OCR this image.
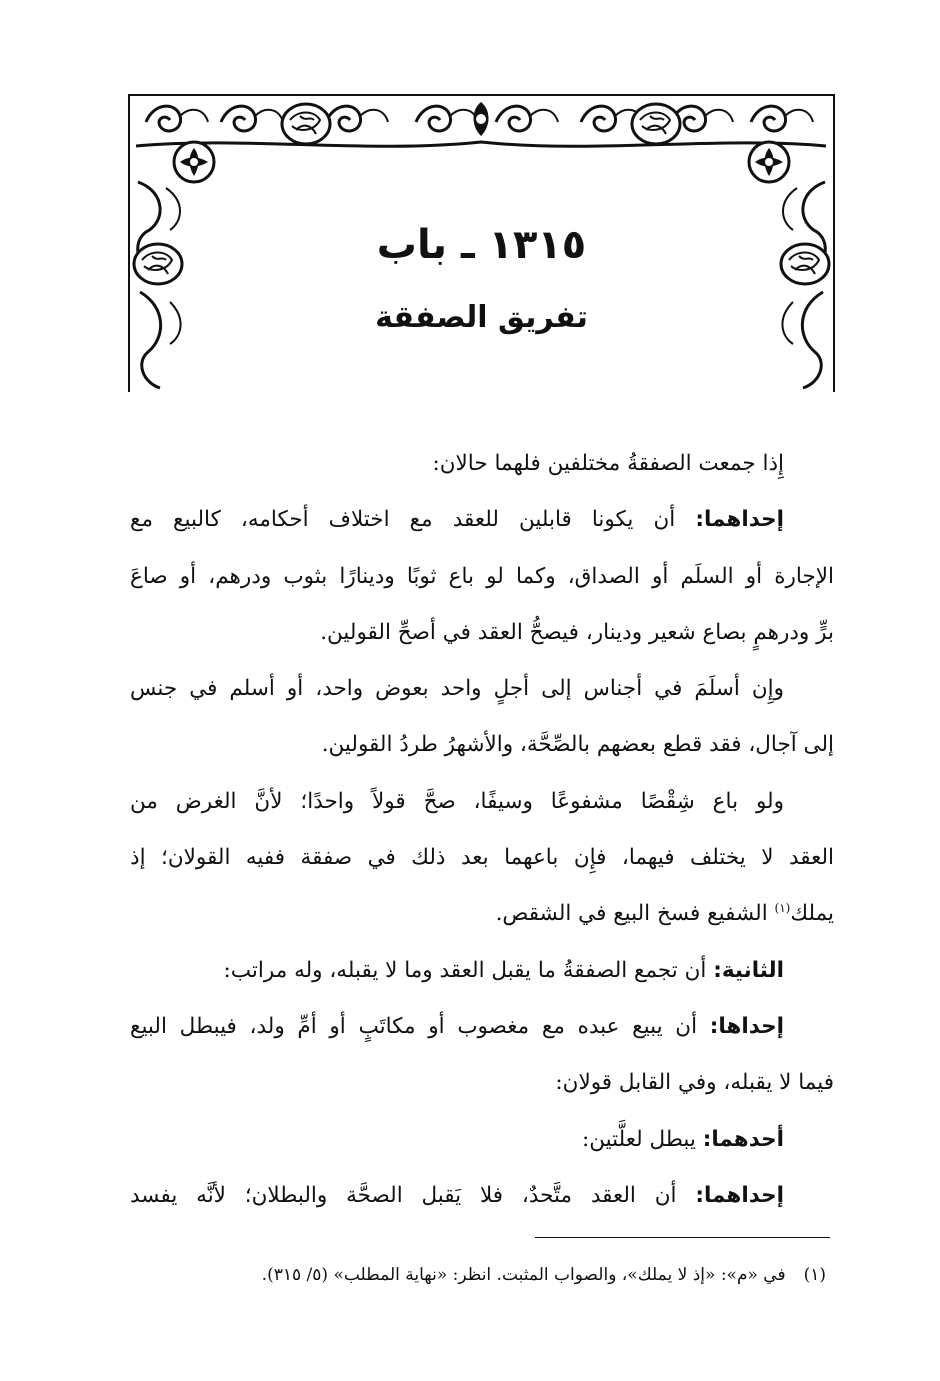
١٣١٥ ـ باب
تفريق الصفقة
إِذا جمعت الصفقةُ مختلفين فلهما حالان:
إحداهما: أن يكونا قابلين للعقد مع اختلاف أحكامه، كالبيع مع
الإجارة أو السلَم أو الصداق، وكما لو باع ثوبًا ودينارًا بثوب ودرهم، أو صاعَ
برٍّ ودرهمٍ بصاع شعير ودينار، فيصحُّ العقد في أصحِّ القولين.
وإِن أسلَمَ في أجناس إلى أجلٍ واحد بعوض واحد، أو أسلم في جنس
إلى آجال، فقد قطع بعضهم بالصِّحَّة، والأشهرُ طردُ القولين.
ولو باع شِقْصًا مشفوعًا وسيفًا، صحَّ قولاً واحدًا؛ لأنَّ الغرض من
العقد لا يختلف فيهما، فإِن باعهما بعد ذلك في صفقة ففيه القولان؛ إذ
يملك$^{(١)}$ الشفيع فسخ البيع في الشقص.
الثانية: أن تجمع الصفقةُ ما يقبل العقد وما لا يقبله، وله مراتب:
إحداها: أن يبيع عبده مع مغصوب أو مكاتَبٍ أو أمِّ ولد، فيبطل البيع
فيما لا يقبله، وفي القابل قولان:
أحدهما: يبطل لعلَّتين:
إحداهما: أن العقد متَّحدٌ، فلا يَقبل الصحَّة والبطلان؛ لأنَّه يفسد
(١)في «م»: «إذ لا يملك»، والصواب المثبت. انظر: «نهاية المطلب» (٥/ ٣١٥).
